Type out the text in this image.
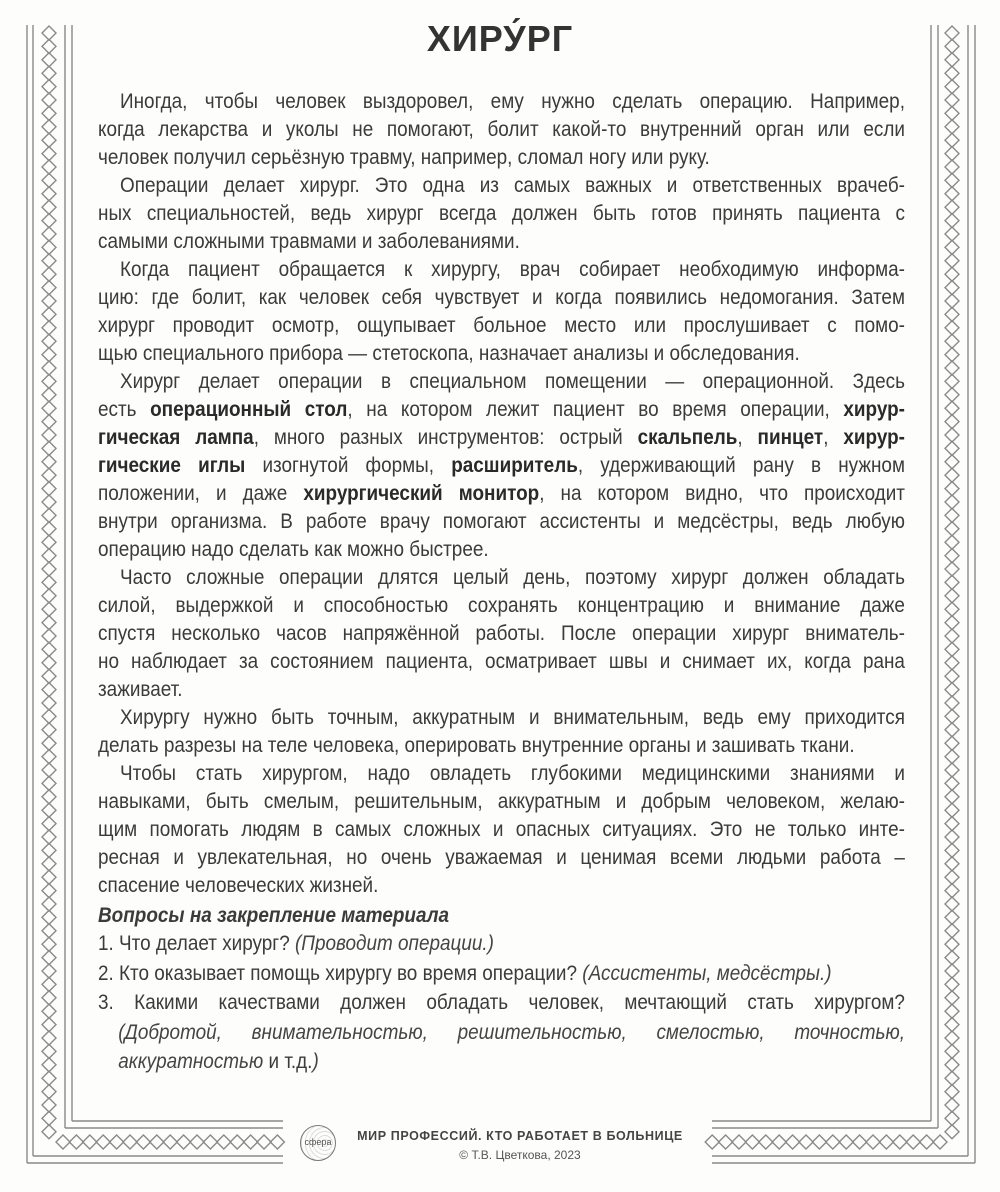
ХИРУ́РГ
Иногда, чтобы человек выздоровел, ему нужно сделать операцию. Например,
когда лекарства и уколы не помогают, болит какой-то внутренний орган или если
человек получил серьёзную травму, например, сломал ногу или руку.
Операции делает хирург. Это одна из самых важных и ответственных врачеб-
ных специальностей, ведь хирург всегда должен быть готов принять пациента с
самыми сложными травмами и заболеваниями.
Когда пациент обращается к хирургу, врач собирает необходимую информа-
цию: где болит, как человек себя чувствует и когда появились недомогания. Затем
хирург проводит осмотр, ощупывает больное место или прослушивает с помо-
щью специального прибора — стетоскопа, назначает анализы и обследования.
Хирург делает операции в специальном помещении — операционной. Здесь
есть операционный стол, на котором лежит пациент во время операции, хирур-
гическая лампа, много разных инструментов: острый скальпель, пинцет, хирур-
гические иглы изогнутой формы, расширитель, удерживающий рану в нужном
положении, и даже хирургический монитор, на котором видно, что происходит
внутри организма. В работе врачу помогают ассистенты и медсёстры, ведь любую
операцию надо сделать как можно быстрее.
Часто сложные операции длятся целый день, поэтому хирург должен обладать
силой, выдержкой и способностью сохранять концентрацию и внимание даже
спустя несколько часов напряжённой работы. После операции хирург вниматель-
но наблюдает за состоянием пациента, осматривает швы и снимает их, когда рана
заживает.
Хирургу нужно быть точным, аккуратным и внимательным, ведь ему приходится
делать разрезы на теле человека, оперировать внутренние органы и зашивать ткани.
Чтобы стать хирургом, надо овладеть глубокими медицинскими знаниями и
навыками, быть смелым, решительным, аккуратным и добрым человеком, желаю-
щим помогать людям в самых сложных и опасных ситуациях. Это не только инте-
ресная и увлекательная, но очень уважаемая и ценимая всеми людьми работа –
спасение человеческих жизней.
Вопросы на закрепление материала
1. Что делает хирург? (Проводит операции.)
2. Кто оказывает помощь хирургу во время операции? (Ассистенты, медсёстры.)
3. Какими качествами должен обладать человек, мечтающий стать хирургом?
(Добротой, внимательностью, решительностью, смелостью, точностью,
аккуратностью и т.д.)
сфера	МИР ПРОФЕССИЙ. КТО РАБОТАЕТ В БОЛЬНИЦЕ
© Т.В. Цветкова, 2023
